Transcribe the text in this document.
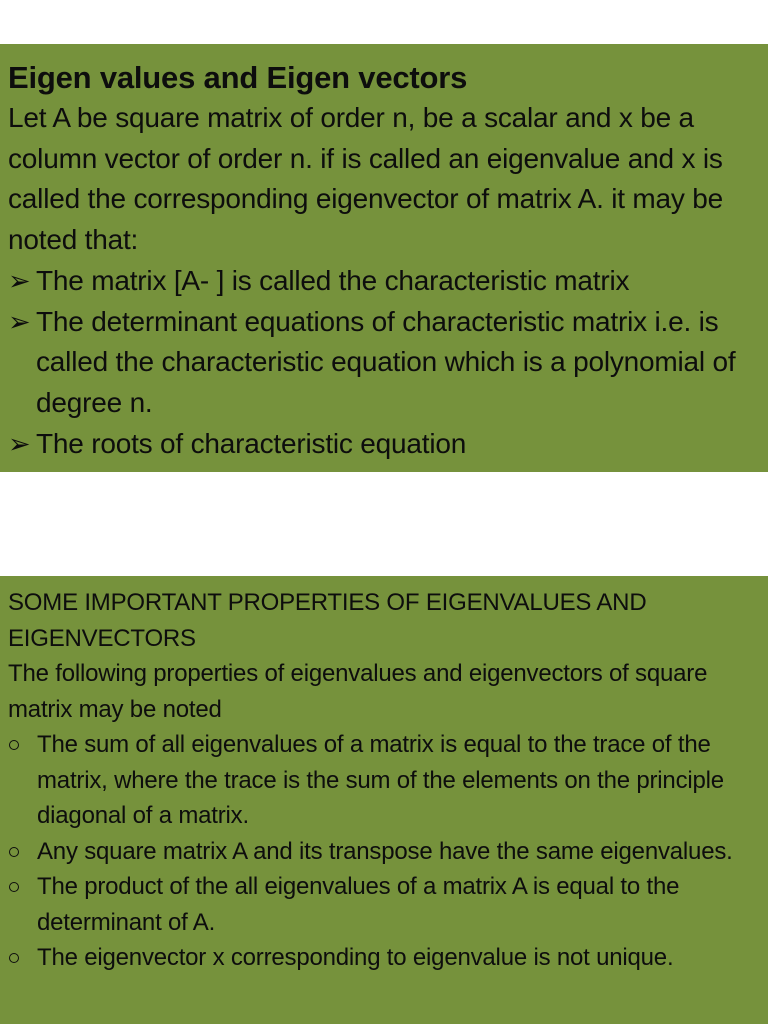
Eigen values and Eigen vectors

Let A be square matrix of order n, be a scalar and x be a column vector of order n. if is called an eigenvalue and x is called the corresponding eigenvector of matrix A. it may be noted that:

➢ The matrix [A- ] is called the characteristic matrix
➢ The determinant equations of characteristic matrix i.e. is called the characteristic equation which is a polynomial of degree n.
➢ The roots of characteristic equation

SOME IMPORTANT PROPERTIES OF EIGENVALUES AND EIGENVECTORS

The following properties of eigenvalues and eigenvectors of square matrix may be noted

The sum of all eigenvalues of a matrix is equal to the trace of the matrix, where the trace is the sum of the elements on the principle diagonal of a matrix.
Any square matrix A and its transpose have the same eigenvalues.
The product of the all eigenvalues of a matrix A is equal to the determinant of A.
The eigenvector x corresponding to eigenvalue is not unique.
